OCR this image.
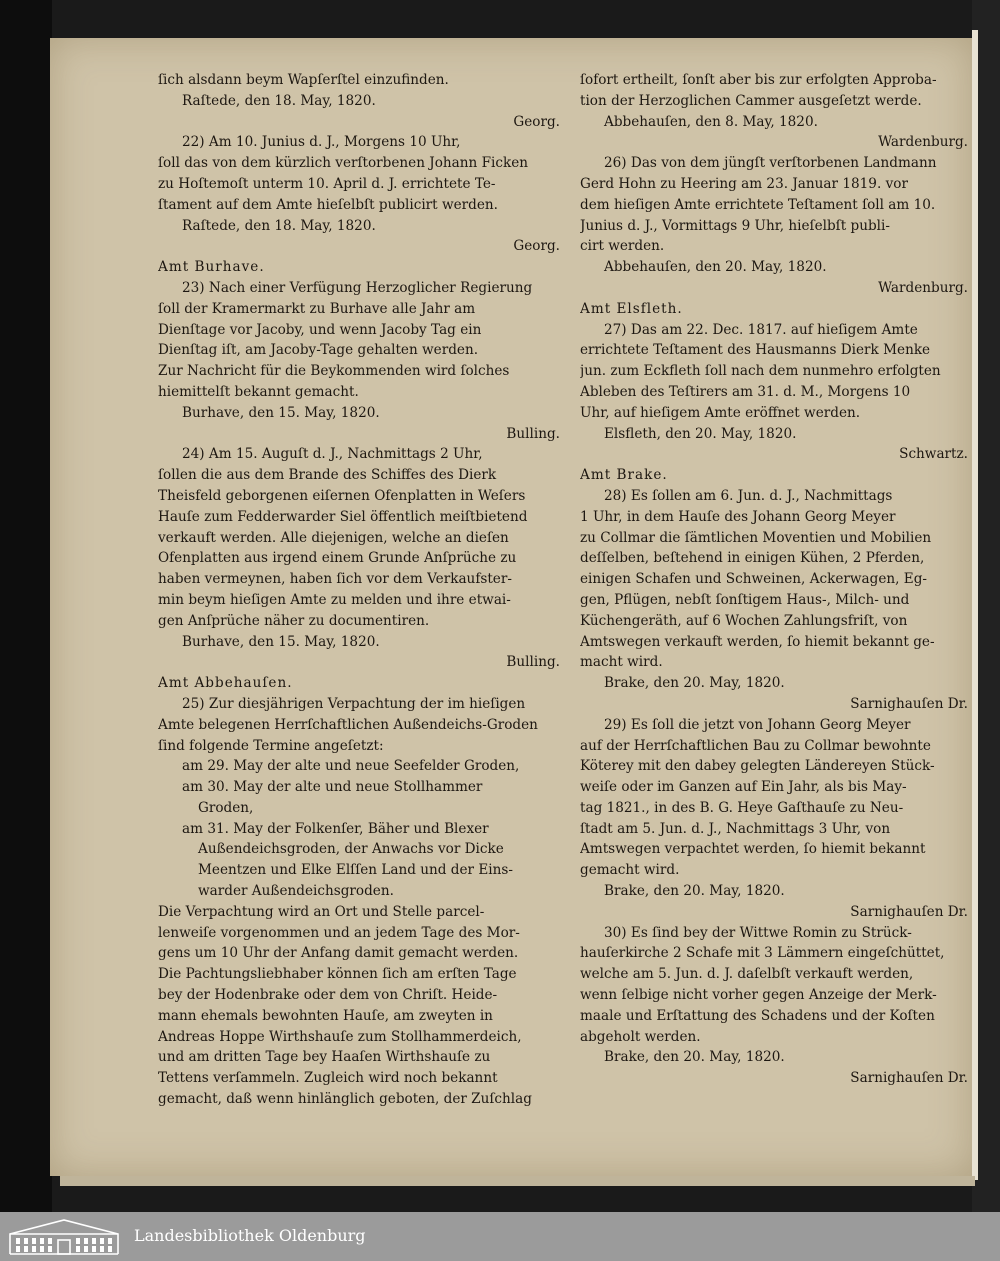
ſich alsdann beym Wapſerſtel einzufinden.
Raſtede, den 18. May, 1820.
Georg.
22) Am 10. Junius d. J., Morgens 10 Uhr,
ſoll das von dem kürzlich verſtorbenen Johann Ficken
zu Hoſtemoſt unterm 10. April d. J. errichtete Te-
ſtament auf dem Amte hieſelbſt publicirt werden.
Raſtede, den 18. May, 1820.
Georg.
Amt Burhave.
23) Nach einer Verfügung Herzoglicher Regierung
ſoll der Kramermarkt zu Burhave alle Jahr am
Dienſtage vor Jacoby, und wenn Jacoby Tag ein
Dienſtag iſt, am Jacoby-Tage gehalten werden.
Zur Nachricht für die Beykommenden wird ſolches
hiemittelſt bekannt gemacht.
Burhave, den 15. May, 1820.
Bulling.
24) Am 15. Auguſt d. J., Nachmittags 2 Uhr,
ſollen die aus dem Brande des Schiffes des Dierk
Theisfeld geborgenen eiſernen Ofenplatten in Weſers
Hauſe zum Fedderwarder Siel öffentlich meiſtbietend
verkauft werden. Alle diejenigen, welche an dieſen
Ofenplatten aus irgend einem Grunde Anſprüche zu
haben vermeynen, haben ſich vor dem Verkaufster-
min beym hieſigen Amte zu melden und ihre etwai-
gen Anſprüche näher zu documentiren.
Burhave, den 15. May, 1820.
Bulling.
Amt Abbehauſen.
25) Zur diesjährigen Verpachtung der im hieſigen
Amte belegenen Herrſchaftlichen Außendeichs-Groden
ſind folgende Termine angeſetzt:
am 29. May der alte und neue Seefelder Groden,
am 30. May der alte und neue Stollhammer
Groden,
am 31. May der Folkenſer, Bäher und Blexer
Außendeichsgroden, der Anwachs vor Dicke
Meentzen und Elke Elſſen Land und der Eins-
warder Außendeichsgroden.
Die Verpachtung wird an Ort und Stelle parcel-
lenweiſe vorgenommen und an jedem Tage des Mor-
gens um 10 Uhr der Anfang damit gemacht werden.
Die Pachtungsliebhaber können ſich am erſten Tage
bey der Hodenbrake oder dem von Chriſt. Heide-
mann ehemals bewohnten Hauſe, am zweyten in
Andreas Hoppe Wirthshauſe zum Stollhammerdeich,
und am dritten Tage bey Haaſen Wirthshauſe zu
Tettens verſammeln. Zugleich wird noch bekannt
gemacht, daß wenn hinlänglich geboten, der Zuſchlag
ſofort ertheilt, ſonſt aber bis zur erfolgten Approba-
tion der Herzoglichen Cammer ausgeſetzt werde.
Abbehauſen, den 8. May, 1820.
Wardenburg.
26) Das von dem jüngſt verſtorbenen Landmann
Gerd Hohn zu Heering am 23. Januar 1819. vor
dem hieſigen Amte errichtete Teſtament ſoll am 10.
Junius d. J., Vormittags 9 Uhr, hieſelbſt publi-
cirt werden.
Abbehauſen, den 20. May, 1820.
Wardenburg.
Amt Elsfleth.
27) Das am 22. Dec. 1817. auf hieſigem Amte
errichtete Teſtament des Hausmanns Dierk Menke
jun. zum Eckfleth ſoll nach dem nunmehro erfolgten
Ableben des Teſtirers am 31. d. M., Morgens 10
Uhr, auf hieſigem Amte eröffnet werden.
Elsfleth, den 20. May, 1820.
Schwartz.
Amt Brake.
28) Es ſollen am 6. Jun. d. J., Nachmittags
1 Uhr, in dem Hauſe des Johann Georg Meyer
zu Collmar die ſämtlichen Moventien und Mobilien
deſſelben, beſtehend in einigen Kühen, 2 Pferden,
einigen Schafen und Schweinen, Ackerwagen, Eg-
gen, Pflügen, nebſt ſonſtigem Haus-, Milch- und
Küchengeräth, auf 6 Wochen Zahlungsfriſt, von
Amtswegen verkauft werden, ſo hiemit bekannt ge-
macht wird.
Brake, den 20. May, 1820.
Sarnighauſen Dr.
29) Es ſoll die jetzt von Johann Georg Meyer
auf der Herrſchaftlichen Bau zu Collmar bewohnte
Köterey mit den dabey gelegten Ländereyen Stück-
weiſe oder im Ganzen auf Ein Jahr, als bis May-
tag 1821., in des B. G. Heye Gaſthauſe zu Neu-
ſtadt am 5. Jun. d. J., Nachmittags 3 Uhr, von
Amtswegen verpachtet werden, ſo hiemit bekannt
gemacht wird.
Brake, den 20. May, 1820.
Sarnighauſen Dr.
30) Es ſind bey der Wittwe Romin zu Strück-
hauſerkirche 2 Schafe mit 3 Lämmern eingeſchüttet,
welche am 5. Jun. d. J. daſelbſt verkauft werden,
wenn ſelbige nicht vorher gegen Anzeige der Merk-
maale und Erſtattung des Schadens und der Koſten
abgeholt werden.
Brake, den 20. May, 1820.
Sarnighauſen Dr.
Landesbibliothek Oldenburg
